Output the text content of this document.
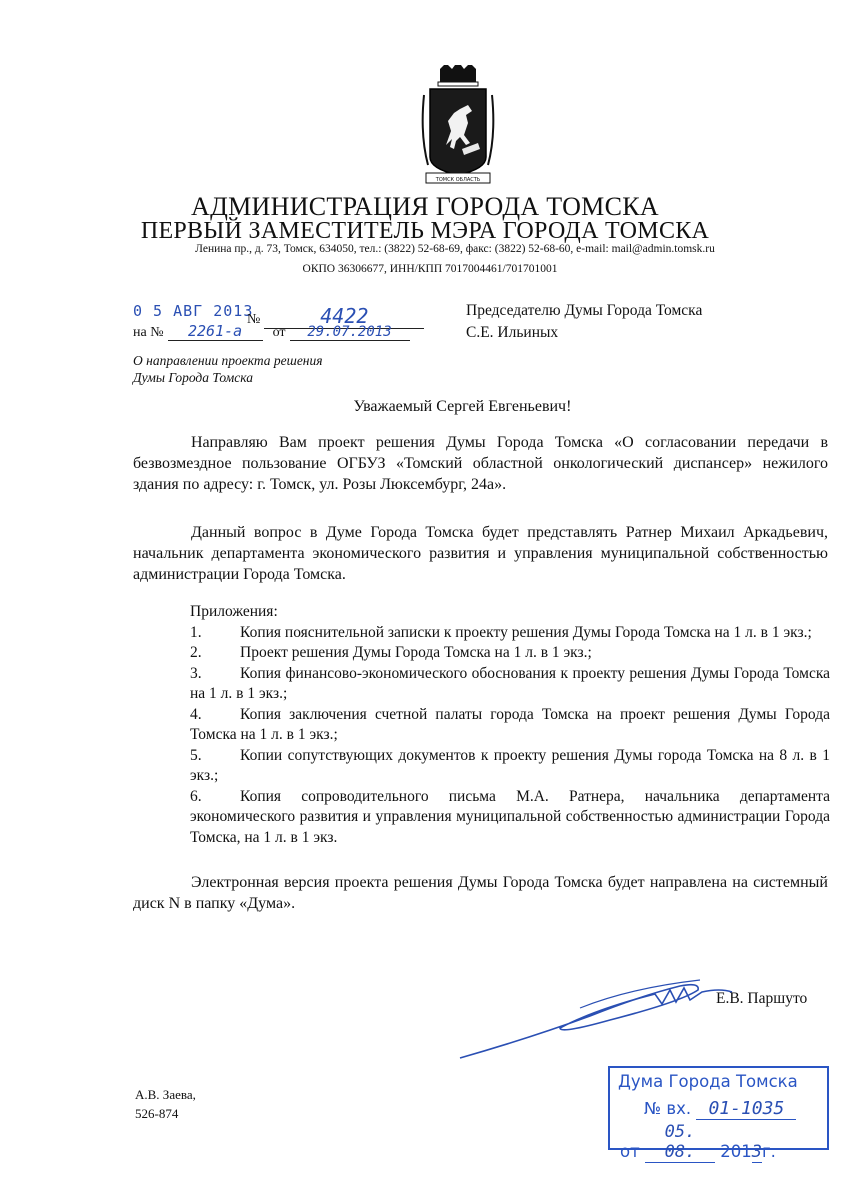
ТОМСК ОБЛАСТЬ
АДМИНИСТРАЦИЯ ГОРОДА ТОМСКА
ПЕРВЫЙ ЗАМЕСТИТЕЛЬ МЭРА ГОРОДА ТОМСКА
Ленина пр., д. 73, Томск, 634050, тел.: (3822) 52-68-69, факс: (3822) 52-68-60, e-mail: mail@admin.tomsk.ru
ОКПО 36306677, ИНН/КПП 7017004461/701701001
0 5 АВГ 2013
№	4422
на № 2261-а от 29.07.2013
Председателю Думы Города Томска
С.Е. Ильиных
О направлении проекта решения
Думы Города Томска
Уважаемый Сергей Евгеньевич!

Направляю Вам проект решения Думы Города Томска «О согласовании передачи в безвозмездное пользование ОГБУЗ «Томский областной онкологический диспансер» нежилого здания по адресу: г. Томск, ул. Розы Люксембург, 24а».

Данный вопрос в Думе Города Томска будет представлять Ратнер Михаил Аркадьевич, начальник департамента экономического развития и управления муниципальной собственностью администрации Города Томска.

Приложения:
1. Копия пояснительной записки к проекту решения Думы Города Томска на 1 л. в 1 экз.;
2. Проект решения Думы Города Томска на 1 л. в 1 экз.;
3. Копия финансово-экономического обоснования к проекту решения Думы Города Томска на 1 л. в 1 экз.;
4. Копия заключения счетной палаты города Томска на проект решения Думы Города Томска на 1 л. в 1 экз.;
5. Копии сопутствующих документов к проекту решения Думы города Томска на 8 л. в 1 экз.;
6. Копия сопроводительного письма М.А. Ратнера, начальника департамента экономического развития и управления муниципальной собственностью администрации Города Томска, на 1 л. в 1 экз.

Электронная версия проекта решения Думы Города Томска будет направлена на системный диск N в папку «Дума».

Е.В. Паршуто
А.В. Заева,
526-874
Дума Города Томска
№ вх. 01-1035
от 05. 08. 2013г.
